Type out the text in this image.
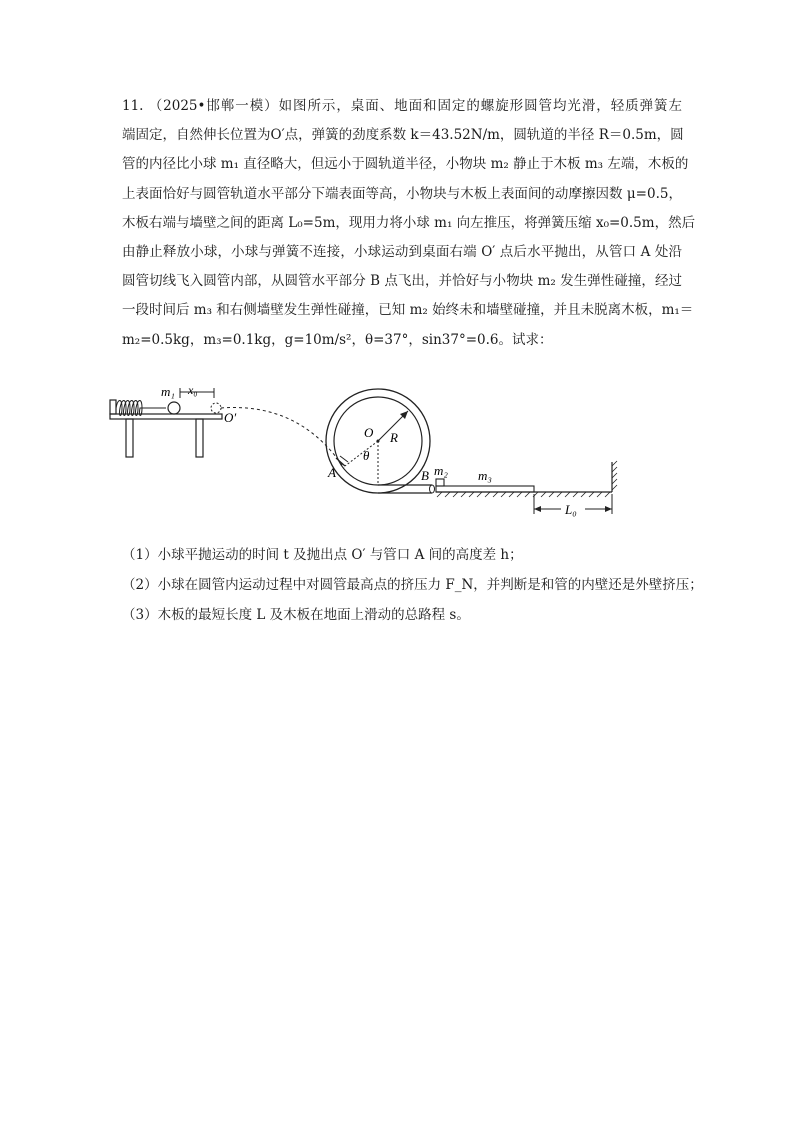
11. （2025•邯郸一模）如图所示，桌面、地面和固定的螺旋形圆管均光滑，轻质弹簧左
端固定，自然伸长位置为O′点，弹簧的劲度系数 k＝43.52N/m，圆轨道的半径 R＝0.5m，圆
管的内径比小球 m₁ 直径略大，但远小于圆轨道半径，小物块 m₂ 静止于木板 m₃ 左端，木板的
上表面恰好与圆管轨道水平部分下端表面等高，小物块与木板上表面间的动摩擦因数 μ=0.5，
木板右端与墙壁之间的距离 L₀=5m，现用力将小球 m₁ 向左推压，将弹簧压缩 x₀=0.5m，然后
由静止释放小球，小球与弹簧不连接，小球运动到桌面右端 O′ 点后水平抛出，从管口 A 处沿
圆管切线飞入圆管内部，从圆管水平部分 B 点飞出，并恰好与小物块 m₂ 发生弹性碰撞，经过
一段时间后 m₃ 和右侧墙壁发生弹性碰撞，已知 m₂ 始终未和墙壁碰撞，并且未脱离木板，m₁＝
m₂=0.5kg，m₃=0.1kg，g=10m/s²，θ=37°，sin37°=0.6。试求：
m₁ x₀
O′
A
O R
θ
B m₂ m₃
L₀
（1）小球平抛运动的时间 t 及抛出点 O′ 与管口 A 间的高度差 h；
（2）小球在圆管内运动过程中对圆管最高点的挤压力 F_N，并判断是和管的内壁还是外壁挤压；
（3）木板的最短长度 L 及木板在地面上滑动的总路程 s。
